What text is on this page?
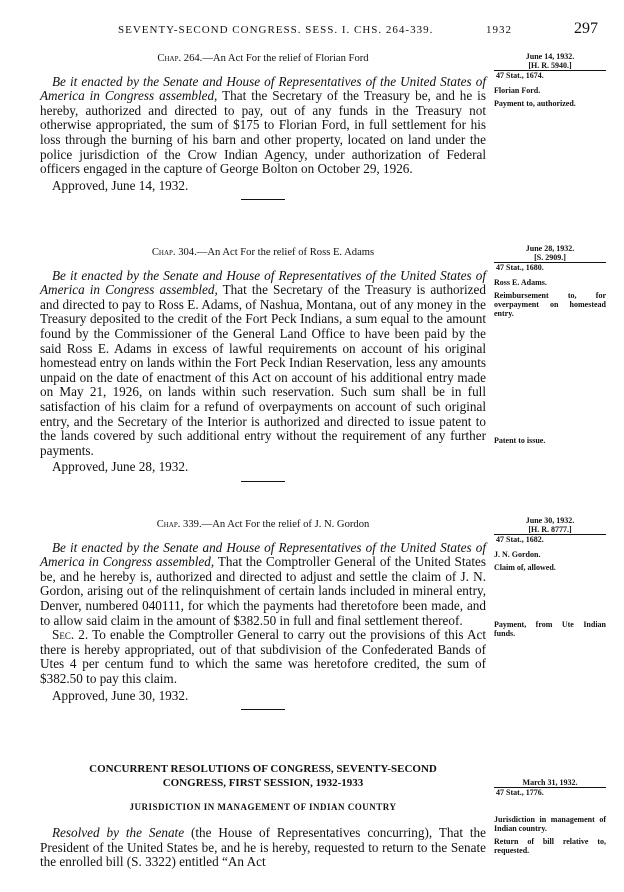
SEVENTY-SECOND CONGRESS. SESS. I. CHS. 264-339.	1932	297

Chap. 264.—An Act For the relief of Florian Ford

Be it enacted by the Senate and House of Representatives of the United States of America in Congress assembled, That the Secretary of the Treasury be, and he is hereby, authorized and directed to pay, out of any funds in the Treasury not otherwise appropriated, the sum of $175 to Florian Ford, in full settlement for his loss through the burning of his barn and other property, located on land under the police jurisdiction of the Crow Indian Agency, under authorization of Federal officers engaged in the capture of George Bolton on October 29, 1926.

Approved, June 14, 1932.

June 14, 1932.
[H. R. 5940.]
47 Stat., 1674.
Florian Ford.
Payment to, authorized.

Chap. 304.—An Act For the relief of Ross E. Adams

Be it enacted by the Senate and House of Representatives of the United States of America in Congress assembled, That the Secretary of the Treasury is authorized and directed to pay to Ross E. Adams, of Nashua, Montana, out of any money in the Treasury deposited to the credit of the Fort Peck Indians, a sum equal to the amount found by the Commissioner of the General Land Office to have been paid by the said Ross E. Adams in excess of lawful requirements on account of his original homestead entry on lands within the Fort Peck Indian Reservation, less any amounts unpaid on the date of enactment of this Act on account of his additional entry made on May 21, 1926, on lands within such reservation. Such sum shall be in full satisfaction of his claim for a refund of overpayments on account of such original entry, and the Secretary of the Interior is authorized and directed to issue patent to the lands covered by such additional entry without the requirement of any further payments.

Approved, June 28, 1932.

June 28, 1932.
[S. 2909.]
47 Stat., 1680.
Ross E. Adams.
Reimbursement to, for overpayment on homestead entry.
Patent to issue.

Chap. 339.—An Act For the relief of J. N. Gordon

Be it enacted by the Senate and House of Representatives of the United States of America in Congress assembled, That the Comptroller General of the United States be, and he hereby is, authorized and directed to adjust and settle the claim of J. N. Gordon, arising out of the relinquishment of certain lands included in mineral entry, Denver, numbered 040111, for which the payments had theretofore been made, and to allow said claim in the amount of $382.50 in full and final settlement thereof.

Sec. 2. To enable the Comptroller General to carry out the provisions of this Act there is hereby appropriated, out of that subdivision of the Confederated Bands of Utes 4 per centum fund to which the same was heretofore credited, the sum of $382.50 to pay this claim.

Approved, June 30, 1932.

June 30, 1932.
[H. R. 8777.]
47 Stat., 1682.
J. N. Gordon.
Claim of, allowed.
Payment, from Ute Indian funds.
CONCURRENT RESOLUTIONS OF CONGRESS, SEVENTY-SECOND
CONGRESS, FIRST SESSION, 1932-1933
JURISDICTION IN MANAGEMENT OF INDIAN COUNTRY

Resolved by the Senate (the House of Representatives concurring), That the President of the United States be, and he is hereby, requested to return to the Senate the enrolled bill (S. 3322) entitled “An Act

March 31, 1932.
47 Stat., 1776.
Jurisdiction in management of Indian country.
Return of bill relative to, requested.
